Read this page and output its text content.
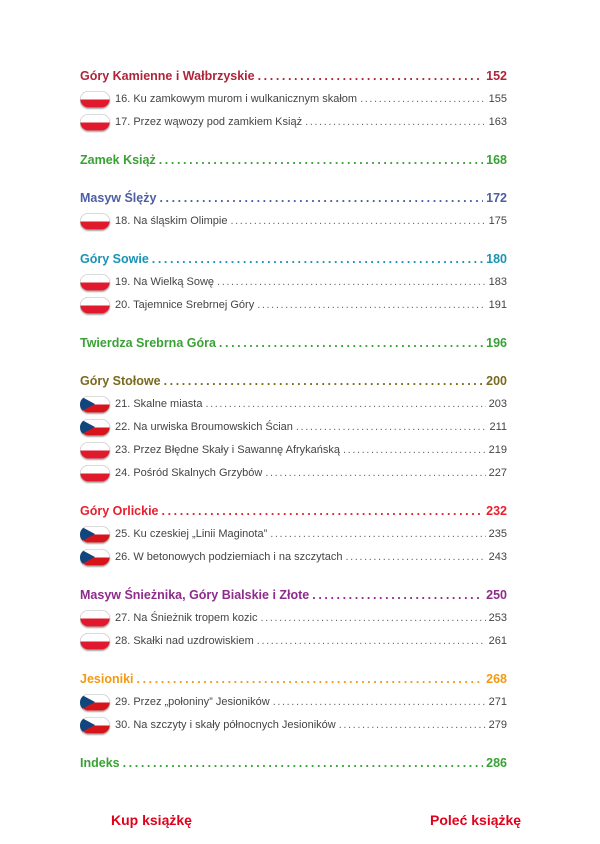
Góry Kamienne i Wałbrzyskie .....	152
16. Ku zamkowym murom i wulkanicznym skałom .....	155
17. Przez wąwozy pod zamkiem Książ .....	163
Zamek Książ .....	168
Masyw Ślęży .....	172
18. Na śląskim Olimpie .....	175
Góry Sowie .....	180
19. Na Wielką Sowę .....	183
20. Tajemnice Srebrnej Góry .....	191
Twierdza Srebrna Góra .....	196
Góry Stołowe .....	200
21. Skalne miasta .....	203
22. Na urwiska Broumowskich Ścian .....	211
23. Przez Błędne Skały i Sawannę Afrykańską .....	219
24. Pośród Skalnych Grzybów .....	227
Góry Orlickie .....	232
25. Ku czeskiej „Linii Maginota” .....	235
26. W betonowych podziemiach i na szczytach .....	243
Masyw Śnieżnika, Góry Bialskie i Złote .....	250
27. Na Śnieżnik tropem kozic .....	253
28. Skałki nad uzdrowiskiem .....	261
Jesioniki .....	268
29. Przez „połoniny” Jesioników .....	271
30. Na szczyty i skały północnych Jesioników .....	279
Indeks .....	286
Kup książkę	Poleć książkę
